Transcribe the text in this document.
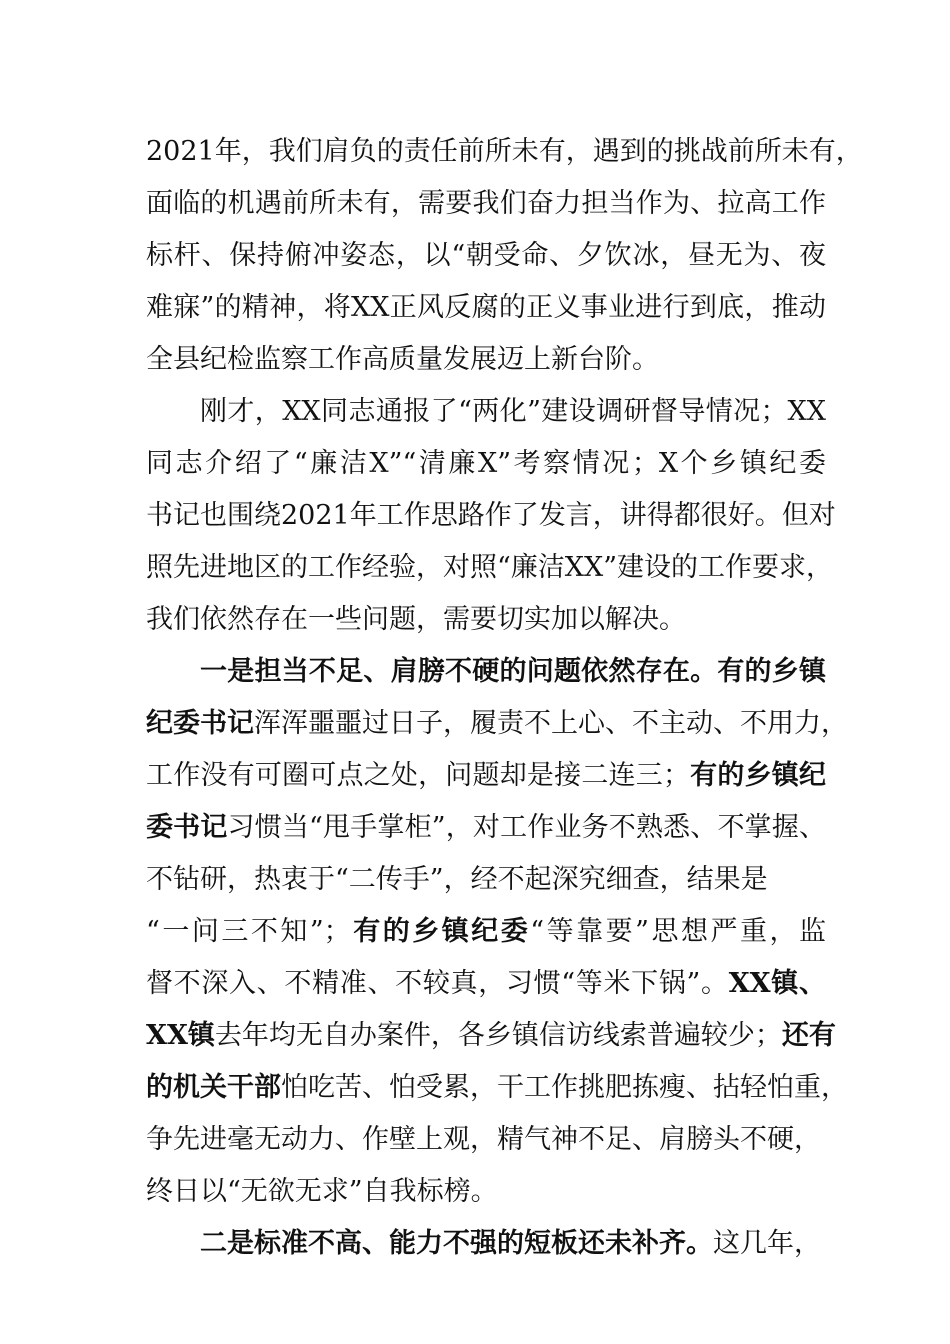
2021年，我们肩负的责任前所未有，遇到的挑战前所未有，
面临的机遇前所未有，需要我们奋力担当作为、拉高工作
标杆、保持俯冲姿态，以“朝受命、夕饮冰，昼无为、夜
难寐”的精神，将XX正风反腐的正义事业进行到底，推动
全县纪检监察工作高质量发展迈上新台阶。
刚才，XX同志通报了“两化”建设调研督导情况；XX
同志介绍了“廉洁X”“清廉X”考察情况；X个乡镇纪委
书记也围绕2021年工作思路作了发言，讲得都很好。但对
照先进地区的工作经验，对照“廉洁XX”建设的工作要求，
我们依然存在一些问题，需要切实加以解决。
一是担当不足、肩膀不硬的问题依然存在。有的乡镇
纪委书记浑浑噩噩过日子，履责不上心、不主动、不用力，
工作没有可圈可点之处，问题却是接二连三；有的乡镇纪
委书记习惯当“甩手掌柜”，对工作业务不熟悉、不掌握、
不钻研，热衷于“二传手”，经不起深究细查，结果是
“一问三不知”；有的乡镇纪委“等靠要”思想严重，监
督不深入、不精准、不较真，习惯“等米下锅”。XX镇、
XX镇去年均无自办案件，各乡镇信访线索普遍较少；还有
的机关干部怕吃苦、怕受累，干工作挑肥拣瘦、拈轻怕重，
争先进毫无动力、作壁上观，精气神不足、肩膀头不硬，
终日以“无欲无求”自我标榜。
二是标准不高、能力不强的短板还未补齐。这几年，
